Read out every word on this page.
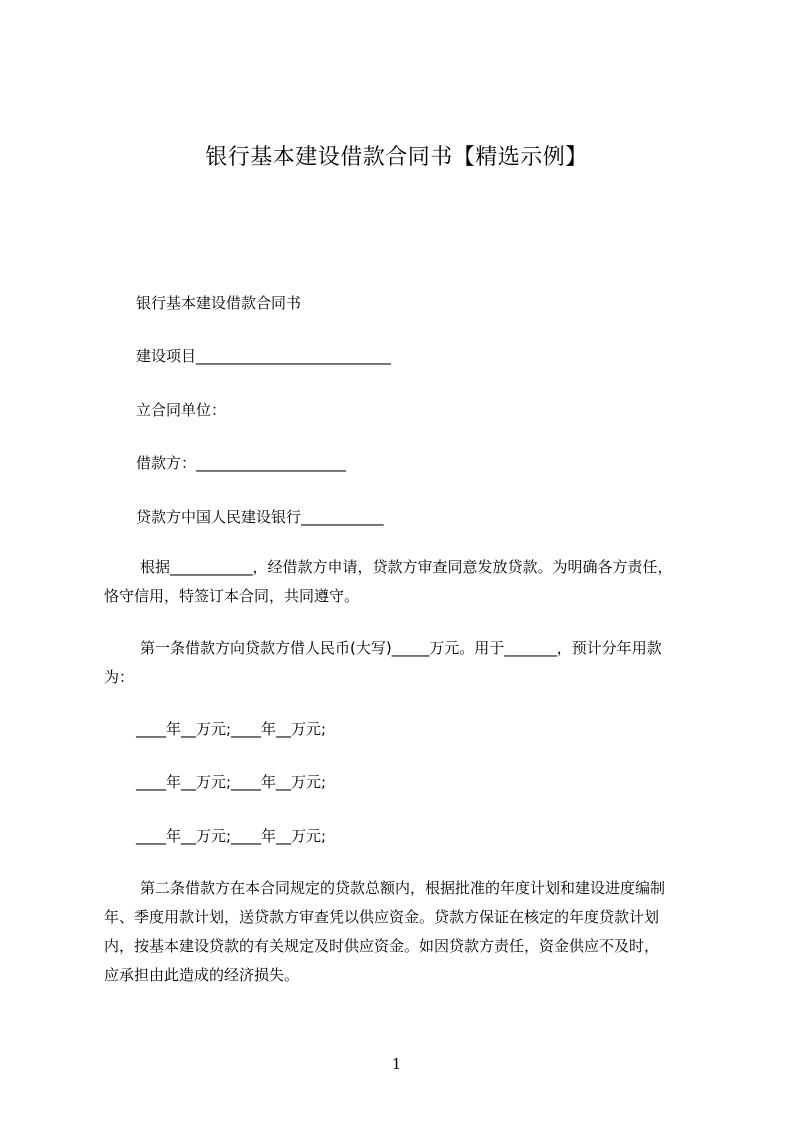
银行基本建设借款合同书【精选示例】
银行基本建设借款合同书
建设项目__________________________
立合同单位：
借款方：____________________
贷款方中国人民建设银行___________
根据___________，经借款方申请，贷款方审查同意发放贷款。为明确各方责任，
恪守信用，特签订本合同，共同遵守。
第一条借款方向贷款方借人民币(大写)_____万元。用于_______，预计分年用款
为：
____年__万元;____年__万元;
____年__万元;____年__万元;
____年__万元;____年__万元;
第二条借款方在本合同规定的贷款总额内，根据批准的年度计划和建设进度编制
年、季度用款计划，送贷款方审查凭以供应资金。贷款方保证在核定的年度贷款计划
内，按基本建设贷款的有关规定及时供应资金。如因贷款方责任，资金供应不及时，
应承担由此造成的经济损失。
1
